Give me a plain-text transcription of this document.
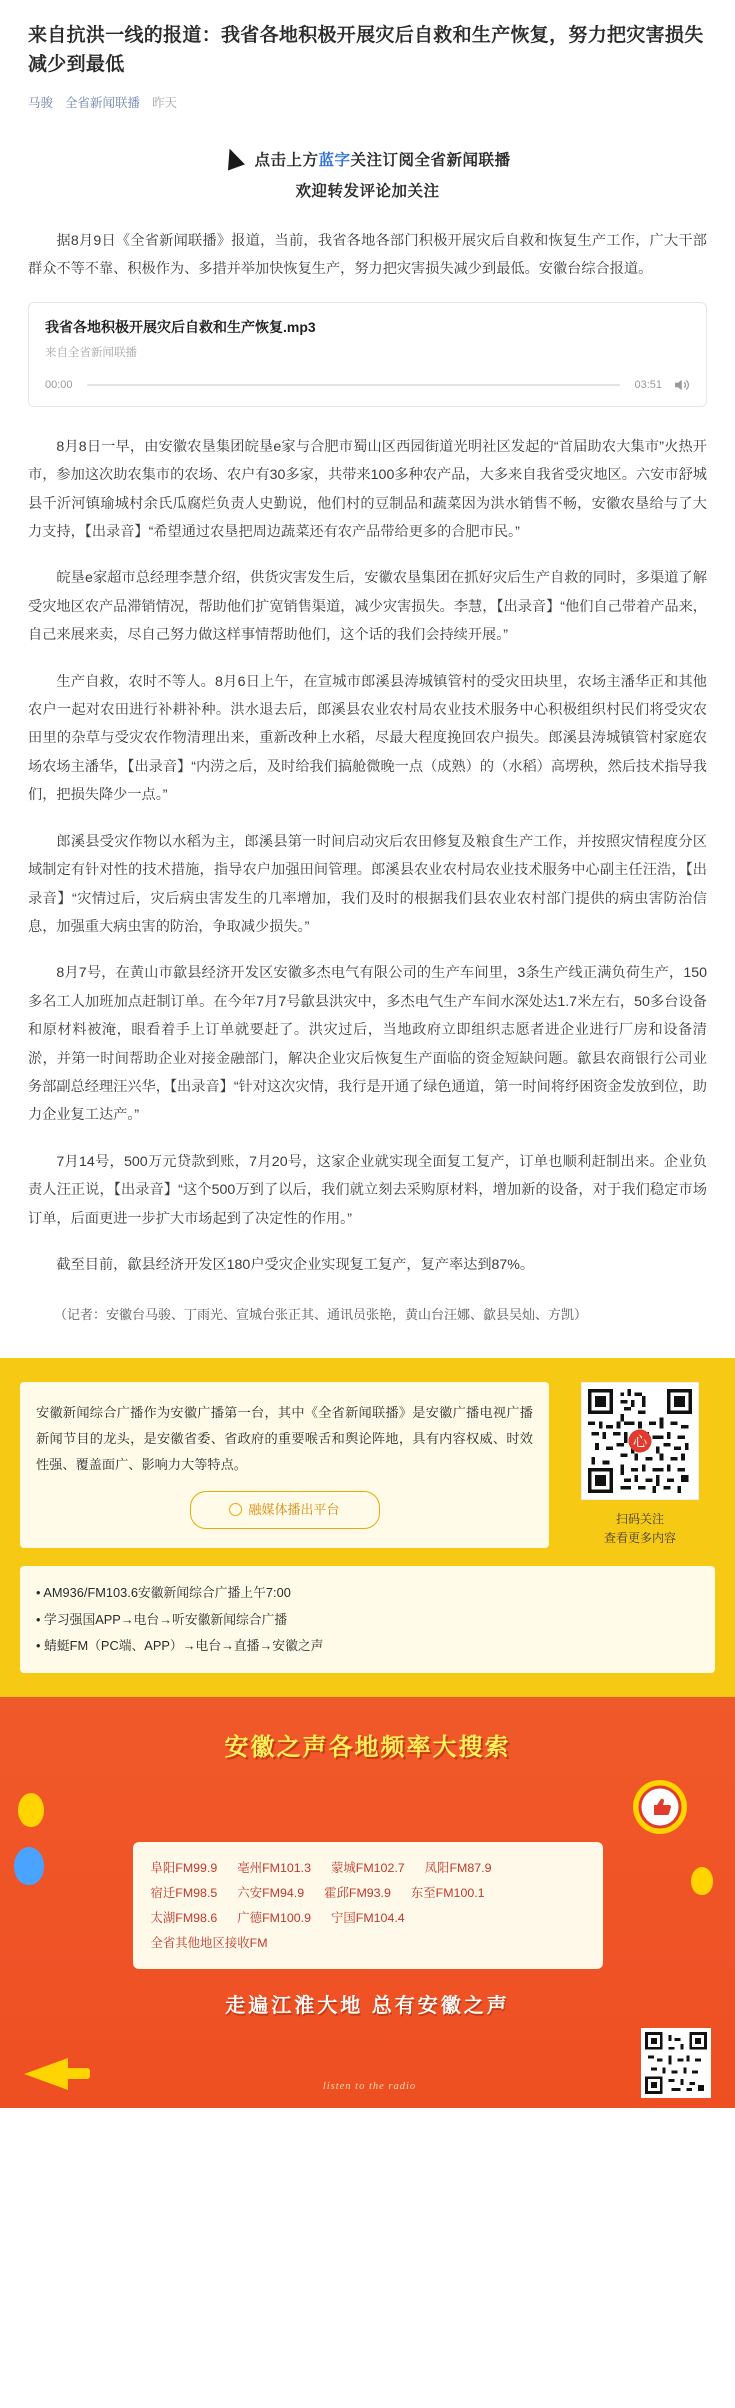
来自抗洪一线的报道：我省各地积极开展灾后自救和生产恢复，努力把灾害损失减少到最低
马骏 全省新闻联播 昨天
点击上方蓝字关注订阅全省新闻联播
欢迎转发评论加关注

据8月9日《全省新闻联播》报道，当前，我省各地各部门积极开展灾后自救和恢复生产工作，广大干部群众不等不靠、积极作为、多措并举加快恢复生产，努力把灾害损失减少到最低。安徽台综合报道。

我省各地积极开展灾后自救和生产恢复.mp3
来自全省新闻联播
00:00	03:51

8月8日一早，由安徽农垦集团皖垦e家与合肥市蜀山区西园街道光明社区发起的“首届助农大集市”火热开市，参加这次助农集市的农场、农户有30多家，共带来100多种农产品，大多来自我省受灾地区。六安市舒城县千沂河镇瑜城村余氏瓜腐烂负责人史勤说，他们村的豆制品和蔬菜因为洪水销售不畅，安徽农垦给与了大力支持，【出录音】“希望通过农垦把周边蔬菜还有农产品带给更多的合肥市民。”

皖垦e家超市总经理李慧介绍，供货灾害发生后，安徽农垦集团在抓好灾后生产自救的同时，多渠道了解受灾地区农产品滞销情况，帮助他们扩宽销售渠道，减少灾害损失。李慧，【出录音】“他们自己带着产品来，自己来展来卖，尽自己努力做这样事情帮助他们，这个话的我们会持续开展。”

生产自救，农时不等人。8月6日上午，在宣城市郎溪县涛城镇管村的受灾田块里，农场主潘华正和其他农户一起对农田进行补耕补种。洪水退去后，郎溪县农业农村局农业技术服务中心积极组织村民们将受灾农田里的杂草与受灾农作物清理出来，重新改种上水稻，尽最大程度挽回农户损失。郎溪县涛城镇管村家庭农场农场主潘华，【出录音】“内涝之后，及时给我们搞舱微晚一点（成熟）的（水稻）高塄秧，然后技术指导我们，把损失降少一点。”

郎溪县受灾作物以水稻为主，郎溪县第一时间启动灾后农田修复及粮食生产工作，并按照灾情程度分区域制定有针对性的技术措施，指导农户加强田间管理。郎溪县农业农村局农业技术服务中心副主任汪浩，【出录音】“灾情过后，灾后病虫害发生的几率增加，我们及时的根据我们县农业农村部门提供的病虫害防治信息，加强重大病虫害的防治，争取减少损失。”

8月7号，在黄山市歙县经济开发区安徽多杰电气有限公司的生产车间里，3条生产线正满负荷生产，150多名工人加班加点赶制订单。在今年7月7号歙县洪灾中，多杰电气生产车间水深处达1.7米左右，50多台设备和原材料被淹，眼看着手上订单就要赶了。洪灾过后，当地政府立即组织志愿者进企业进行厂房和设备清淤，并第一时间帮助企业对接金融部门，解决企业灾后恢复生产面临的资金短缺问题。歙县农商银行公司业务部副总经理汪兴华，【出录音】“针对这次灾情，我行是开通了绿色通道，第一时间将纾困资金发放到位，助力企业复工达产。”

7月14号，500万元贷款到账，7月20号，这家企业就实现全面复工复产，订单也顺利赶制出来。企业负责人汪正说，【出录音】“这个500万到了以后，我们就立刻去采购原材料，增加新的设备，对于我们稳定市场订单，后面更进一步扩大市场起到了决定性的作用。”

截至目前，歙县经济开发区180户受灾企业实现复工复产，复产率达到87%。

（记者：安徽台马骏、丁雨光、宣城台张正其、通讯员张艳，黄山台汪娜、歙县吴灿、方凯）
安徽新闻综合广播作为安徽广播第一台，其中《全省新闻联播》是安徽广播电视广播新闻节目的龙头，是安徽省委、省政府的重要喉舌和舆论阵地，具有内容权威、时效性强、覆盖面广、影响力大等特点。
融媒体播出平台
心
扫码关注
查看更多内容
• AM936/FM103.6安徽新闻综合广播上午7:00
• 学习强国APP→电台→听安徽新闻综合广播
• 蜻蜓FM（PC端、APP）→电台→直播→安徽之声
安徽之声各地频率大搜索
阜阳FM99.9 亳州FM101.3 蒙城FM102.7 凤阳FM87.9
宿迁FM98.5 六安FM94.9 霍邱FM93.9 东至FM100.1
太湖FM98.6 广德FM100.9 宁国FM104.4
全省其他地区接收FM
走遍江淮大地 总有安徽之声
listen to the radio
